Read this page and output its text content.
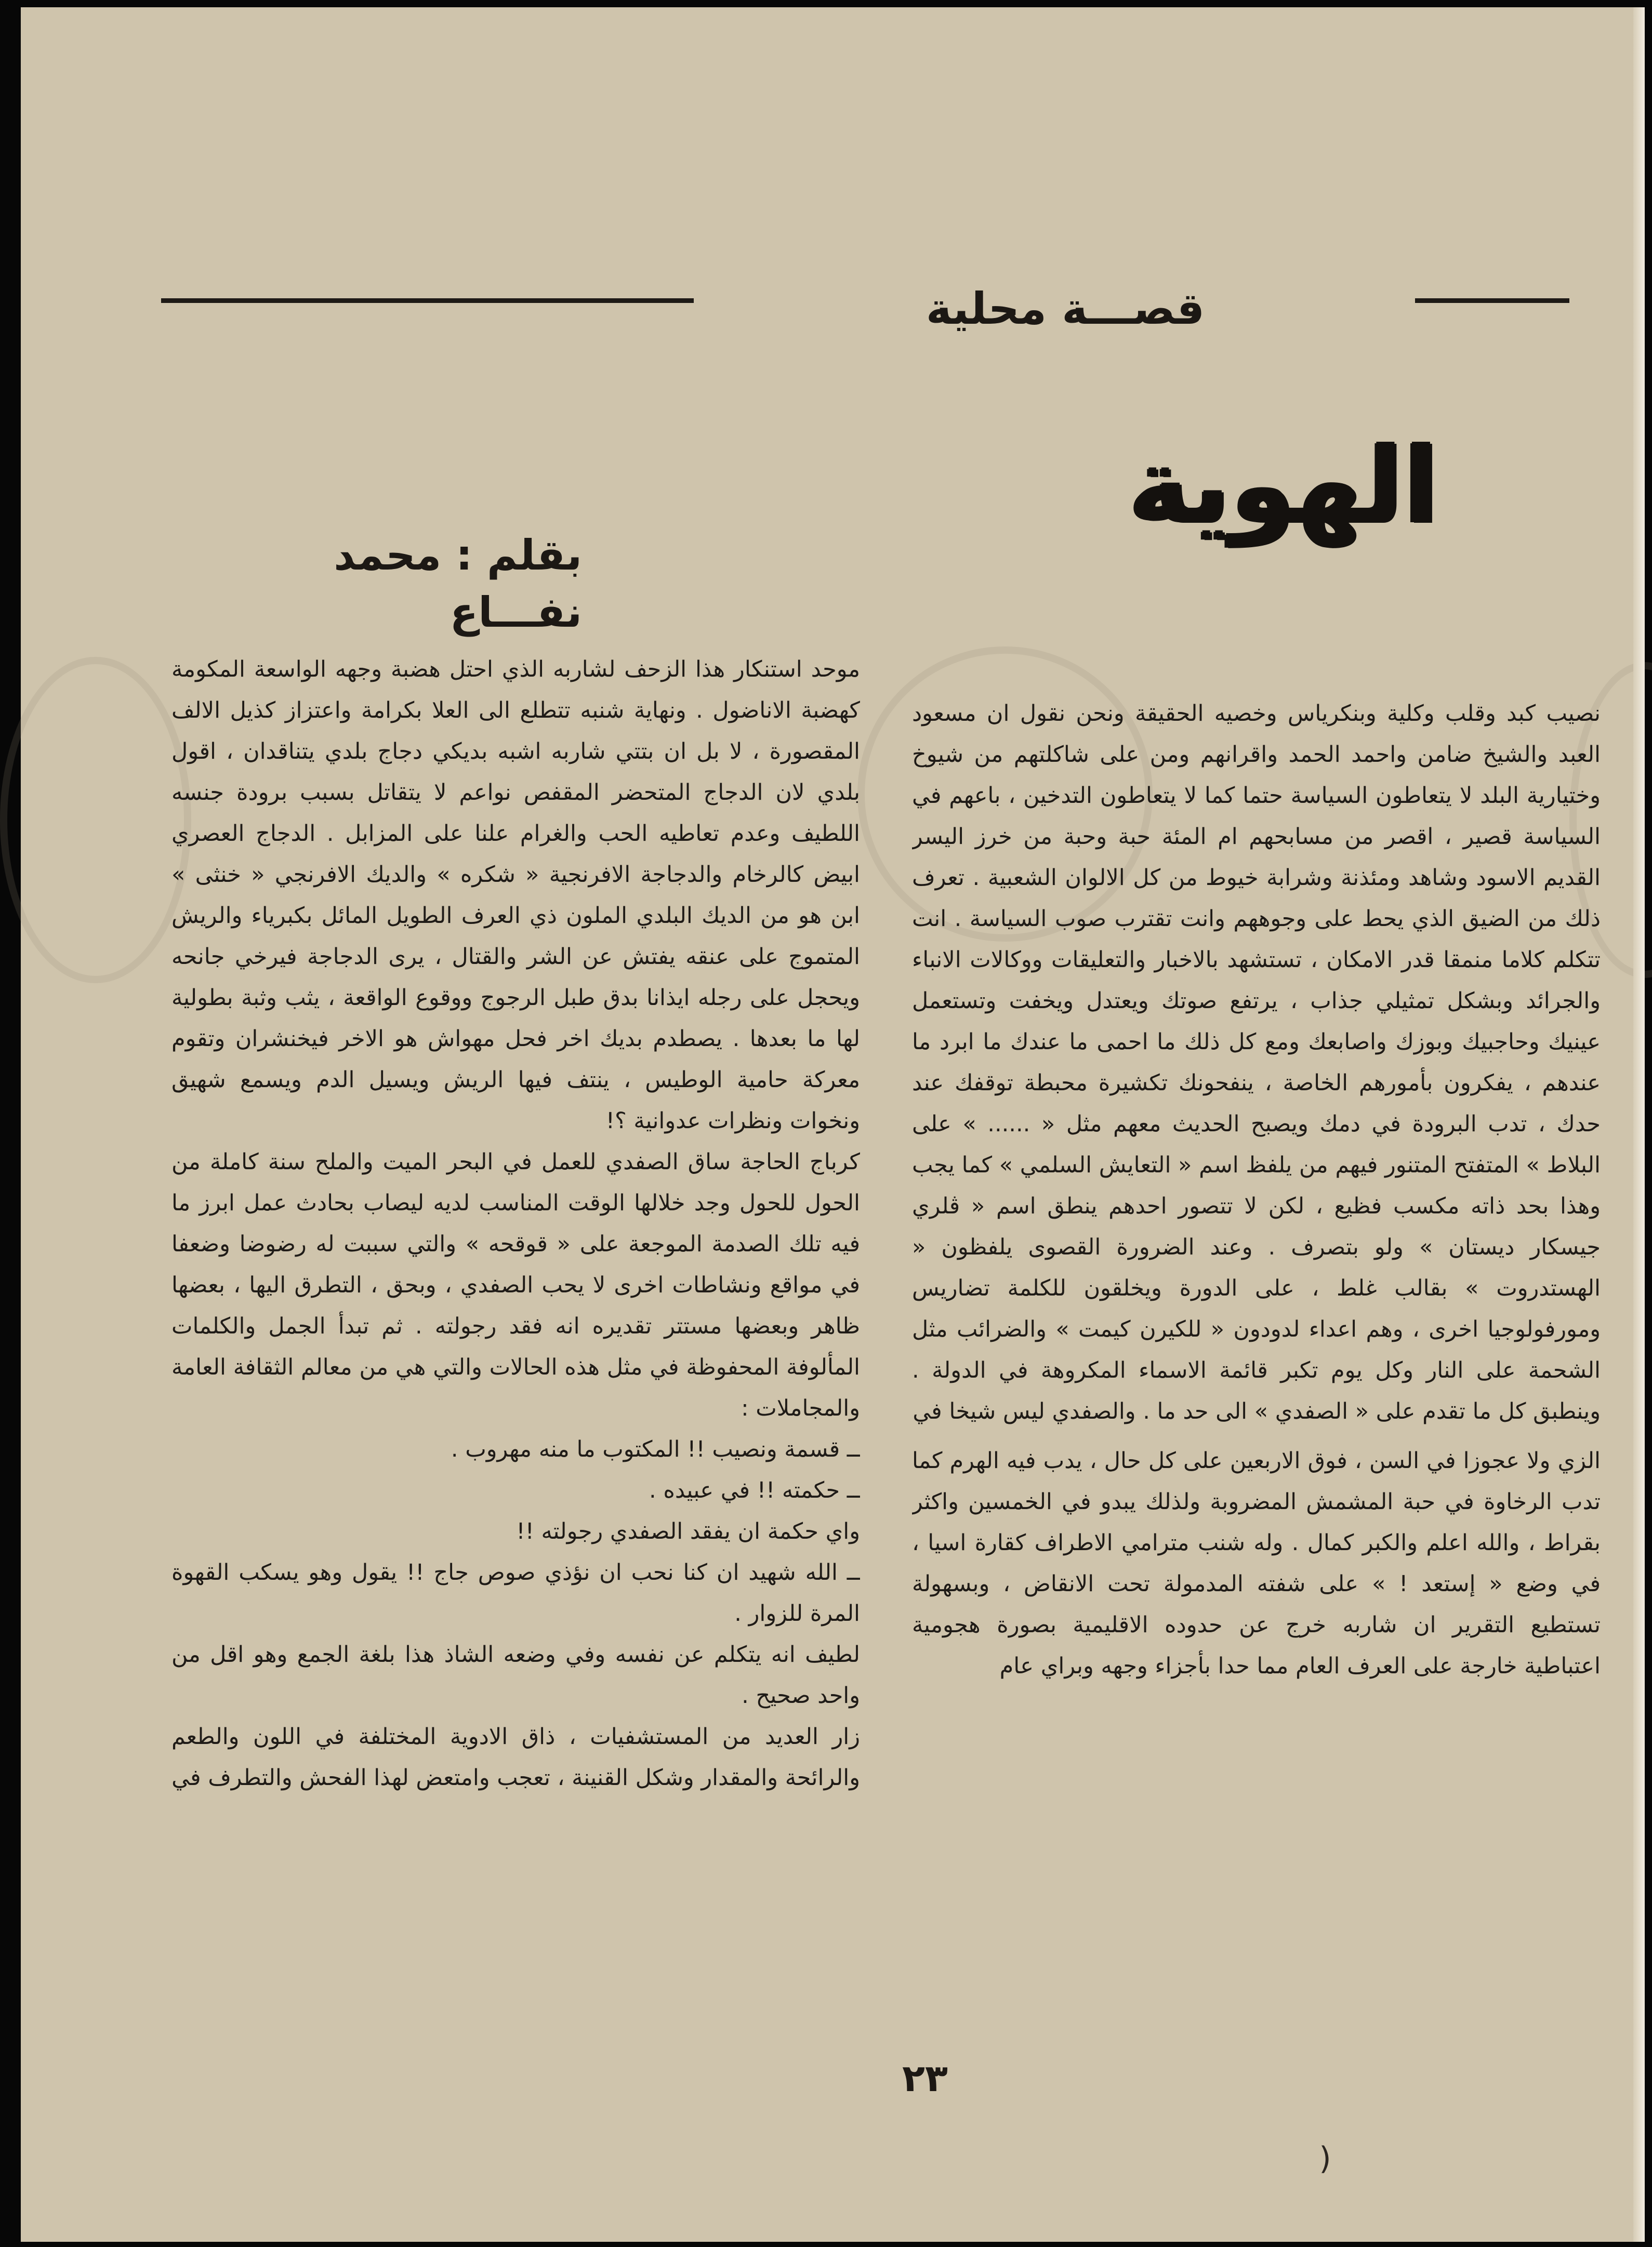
قصـــة محلية
الهوية
بقلم : محمد نفـــاع

نصيب كبد وقلب وكلية وبنكرياس وخصيه الحقيقة ونحن نقول ان مسعود العبد والشيخ ضامن واحمد الحمد واقرانهم ومن على شاكلتهم من شيوخ وختيارية البلد لا يتعاطون السياسة حتما كما لا يتعاطون التدخين ، باعهم في السياسة قصير ، اقصر من مسابحهم ام المئة حبة وحبة من خرز اليسر القديم الاسود وشاهد ومئذنة وشرابة خيوط من كل الالوان الشعبية . تعرف ذلك من الضيق الذي يحط على وجوههم وانت تقترب صوب السياسة . انت تتكلم كلاما منمقا قدر الامكان ، تستشهد بالاخبار والتعليقات ووكالات الانباء والجرائد وبشكل تمثيلي جذاب ، يرتفع صوتك ويعتدل ويخفت وتستعمل عينيك وحاجبيك وبوزك واصابعك ومع كل ذلك ما احمى ما عندك ما ابرد ما عندهم ، يفكرون بأمورهم الخاصة ، ينفحونك تكشيرة محبطة توقفك عند حدك ، تدب البرودة في دمك ويصبح الحديث معهم مثل « ...... » على البلاط » المتفتح المتنور فيهم من يلفظ اسم « التعايش السلمي » كما يجب وهذا بحد ذاته مكسب فظيع ، لكن لا تتصور احدهم ينطق اسم « ڤلري جيسكار ديستان » ولو بتصرف . وعند الضرورة القصوى يلفظون « الهستدروت » بقالب غلط ، على الدورة ويخلقون للكلمة تضاريس ومورفولوجيا اخرى ، وهم اعداء لدودون « للكيرن كيمت » والضرائب مثل الشحمة على النار وكل يوم تكبر قائمة الاسماء المكروهة في الدولة . وينطبق كل ما تقدم على « الصفدي » الى حد ما . والصفدي ليس شيخا في

الزي ولا عجوزا في السن ، فوق الاربعين على كل حال ، يدب فيه الهرم كما تدب الرخاوة في حبة المشمش المضروبة ولذلك يبدو في الخمسين واكثر بقراط ، والله اعلم والكبر كمال . وله شنب مترامي الاطراف كقارة اسيا ، في وضع « إستعد ! » على شفته المدمولة تحت الانقاض ، وبسهولة تستطيع التقرير ان شاربه خرج عن حدوده الاقليمية بصورة هجومية اعتباطية خارجة على العرف العام مما حدا بأجزاء وجهه وبراي عام

موحد استنكار هذا الزحف لشاربه الذي احتل هضبة وجهه الواسعة المكومة كهضبة الاناضول . ونهاية شنبه تتطلع الى العلا بكرامة واعتزاز كذيل الالف المقصورة ، لا بل ان بتتي شاربه اشبه بديكي دجاج بلدي يتناقدان ، اقول بلدي لان الدجاج المتحضر المقفص نواعم لا يتقاتل بسبب برودة جنسه اللطيف وعدم تعاطيه الحب والغرام علنا على المزابل . الدجاج العصري ابيض كالرخام والدجاجة الافرنجية « شكره » والديك الافرنجي « خنثى » ابن هو من الديك البلدي الملون ذي العرف الطويل المائل بكبرياء والريش المتموج على عنقه يفتش عن الشر والقتال ، يرى الدجاجة فيرخي جانحه ويحجل على رجله ايذانا بدق طبل الرجوج ووقوع الواقعة ، يثب وثبة بطولية لها ما بعدها . يصطدم بديك اخر فحل مهواش هو الاخر فيخنشران وتقوم معركة حامية الوطيس ، ينتف فيها الريش ويسيل الدم ويسمع شهيق ونخوات ونظرات عدوانية ؟!

كرباج الحاجة ساق الصفدي للعمل في البحر الميت والملح سنة كاملة من الحول للحول وجد خلالها الوقت المناسب لديه ليصاب بحادث عمل ابرز ما فيه تلك الصدمة الموجعة على « قوقحه » والتي سببت له رضوضا وضعفا في مواقع ونشاطات اخرى لا يحب الصفدي ، وبحق ، التطرق اليها ، بعضها ظاهر وبعضها مستتر تقديره انه فقد رجولته . ثم تبدأ الجمل والكلمات المألوفة المحفوظة في مثل هذه الحالات والتي هي من معالم الثقافة العامة والمجاملات :

ــ قسمة ونصيب !! المكتوب ما منه مهروب .

ــ حكمته !! في عبيده .

واي حكمة ان يفقد الصفدي رجولته !!

ــ الله شهيد ان كنا نحب ان نؤذي صوص جاج !! يقول وهو يسكب القهوة المرة للزوار .

لطيف انه يتكلم عن نفسه وفي وضعه الشاذ هذا بلغة الجمع وهو اقل من واحد صحيح .

زار العديد من المستشفيات ، ذاق الادوية المختلفة في اللون والطعم والرائحة والمقدار وشكل القنينة ، تعجب وامتعض لهذا الفحش والتطرف في

٢٣
)
